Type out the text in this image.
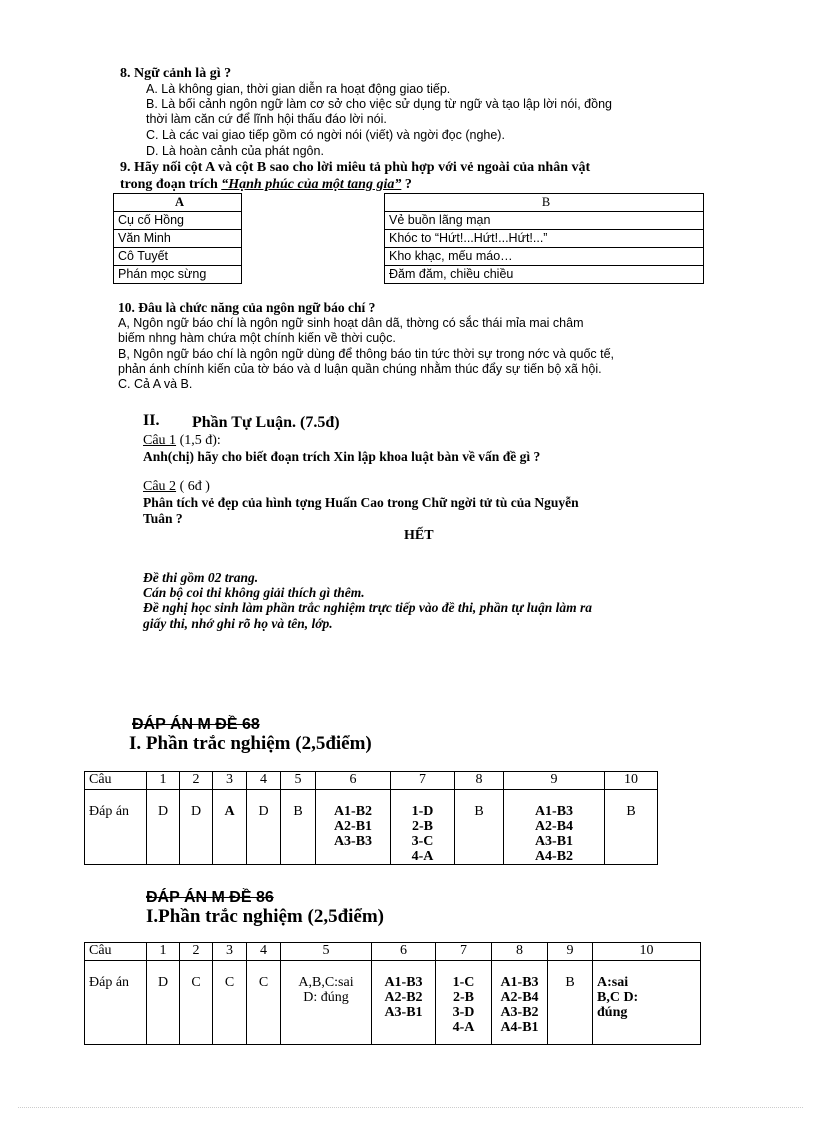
8. Ngữ cảnh là gì ?
A. Là không gian, thời gian diễn ra hoạt động giao tiếp.
B. Là bối cảnh ngôn ngữ làm cơ sở cho việc sử dụng từ ngữ và tạo lập lời nói, đồng
thời làm căn cứ để lĩnh hội thấu đáo lời nói.
C. Là các vai giao tiếp gồm có ngời nói (viết) và ngời đọc (nghe).
D. Là hoàn cảnh của phát ngôn.
9. Hãy nối cột A và cột B sao cho lời miêu tả phù hợp với vẻ ngoài của nhân vật
trong đoạn trích “Hạnh phúc của một tang gia” ?
A		B
Cụ cố Hồng		Vẻ buồn lãng mạn
Văn Minh		Khóc to “Hứt!...Hứt!...Hứt!...”
Cô Tuyết		Kho khạc, mếu máo…
Phán mọc sừng		Đăm đăm, chiều chiều
10. Đâu là chức năng của ngôn ngữ báo chí ?
A, Ngôn ngữ báo chí là ngôn ngữ sinh hoạt dân dã, thờng có sắc thái mỉa mai châm
biếm nhng hàm chứa một chính kiến về thời cuộc.
B, Ngôn ngữ báo chí là ngôn ngữ dùng để thông báo tin tức thời sự trong nớc và quốc tế,
phản ánh chính kiến của tờ báo và d luận quần chúng nhằm thúc đẩy sự tiến bộ xã hội.
C. Cả A và B.
II. Phần Tự Luận. (7.5đ)
Câu 1 (1,5 đ):
Anh(chị) hãy cho biết đoạn trích Xin lập khoa luật bàn về vấn đề gì ?
Câu 2 ( 6đ )
Phân tích vẻ đẹp của hình tợng Huấn Cao trong Chữ ngời tử tù của Nguyễn
Tuân ?
HẾT
Đề thi gồm 02 trang.
Cán bộ coi thi không giải thích gì thêm.
Đề nghị học sinh làm phần trắc nghiệm trực tiếp vào đề thi, phần tự luận làm ra
giấy thi, nhớ ghi rõ họ và tên, lớp.
ĐÁP ÁN M ĐỀ 68
I. Phần trắc nghiệm (2,5điểm)
Câu	1	2	3	4	5	6	7	8	9	10
Đáp án	D	D	A	D	B	A1-B2
A2-B1
A3-B3	1-D
2-B
3-C
4-A	B	A1-B3
A2-B4
A3-B1
A4-B2	B
ĐÁP ÁN M ĐỀ 86
I.Phần trắc nghiệm (2,5điểm)
Câu	1	2	3	4	5	6	7	8	9	10
Đáp án	D	C	C	C	A,B,C:sai
D: đúng	A1-B3
A2-B2
A3-B1	1-C
2-B
3-D
4-A	A1-B3
A2-B4
A3-B2
A4-B1	B	A:sai
B,C D:
đúng
